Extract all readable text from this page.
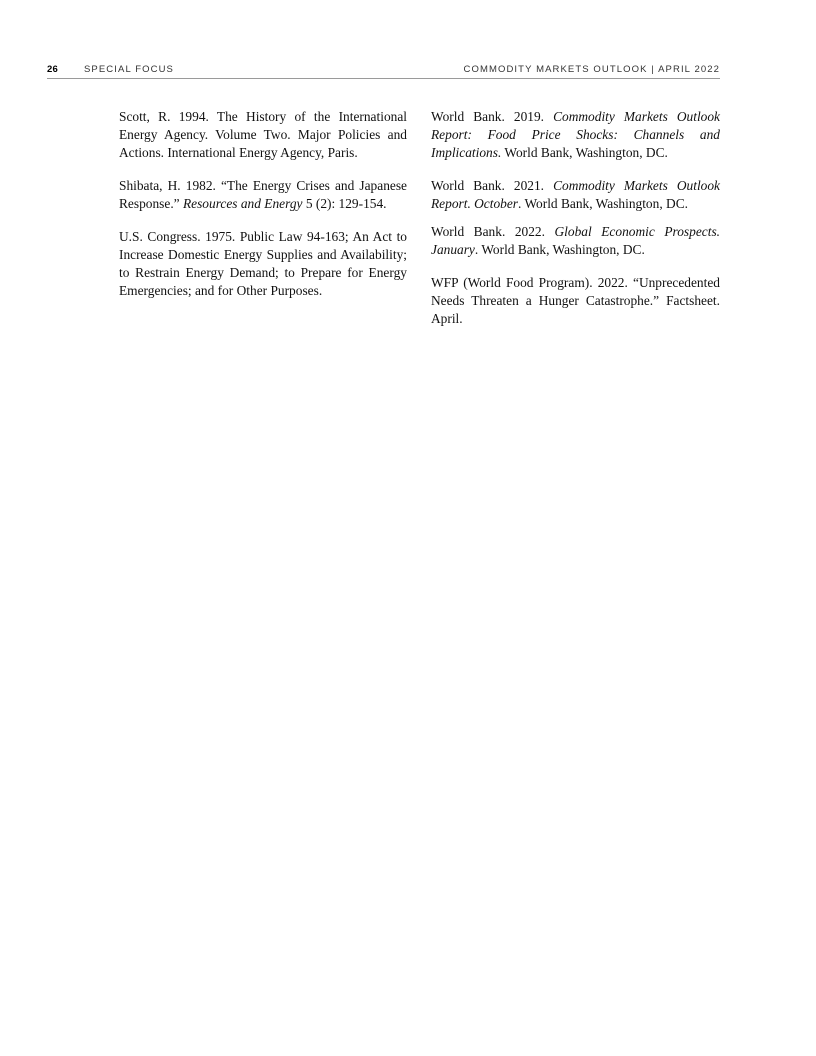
26	SPECIAL FOCUS	COMMODITY MARKETS OUTLOOK | APRIL 2022

Scott, R. 1994. The History of the International Energy Agency. Volume Two. Major Policies and Actions. International Energy Agency, Paris.

Shibata, H. 1982. “The Energy Crises and Japanese Response.” Resources and Energy 5 (2): 129-154.

U.S. Congress. 1975. Public Law 94-163; An Act to Increase Domestic Energy Supplies and Availability; to Restrain Energy Demand; to Prepare for Energy Emergencies; and for Other Purposes.

World Bank. 2019. Commodity Markets Outlook Report: Food Price Shocks: Channels and Implications. World Bank, Washington, DC.

World Bank. 2021. Commodity Markets Outlook Report. October. World Bank, Washington, DC.

World Bank. 2022. Global Economic Prospects. January. World Bank, Washington, DC.

WFP (World Food Program). 2022. “Unprecedented Needs Threaten a Hunger Catastrophe.” Factsheet. April.
